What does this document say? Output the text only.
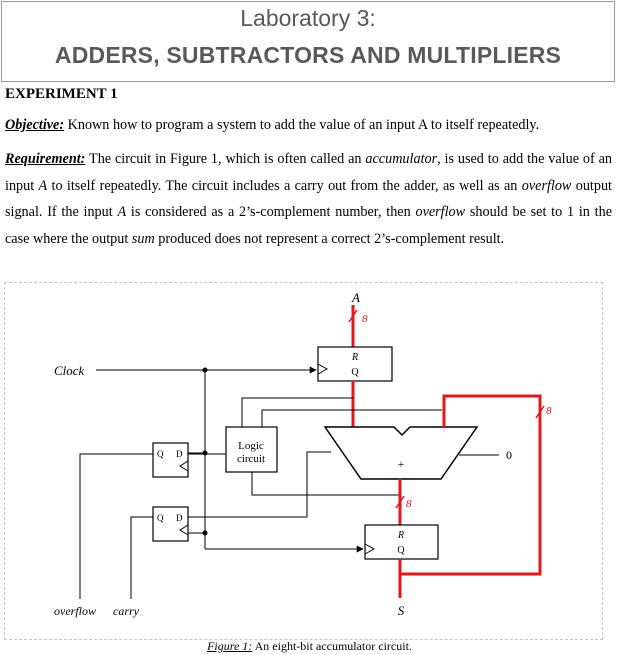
Laboratory 3:
ADDERS, SUBTRACTORS AND MULTIPLIERS
EXPERIMENT 1
Objective: Known how to program a system to add the value of an input A to itself repeatedly.
Requirement: The circuit in Figure 1, which is often called an accumulator, is used to add the value of an input A to itself repeatedly. The circuit includes a carry out from the adder, as well as an overflow output signal. If the input A is considered as a 2’s-complement number, then overflow should be set to 1 in the case where the output sum produced does not represent a correct 2’s-complement result.
A
8
R
Q
Clock
Logic
circuit
Q D
Q D
overflow carry
+
0
8
R
Q
8
S
Figure 1: An eight-bit accumulator circuit.
